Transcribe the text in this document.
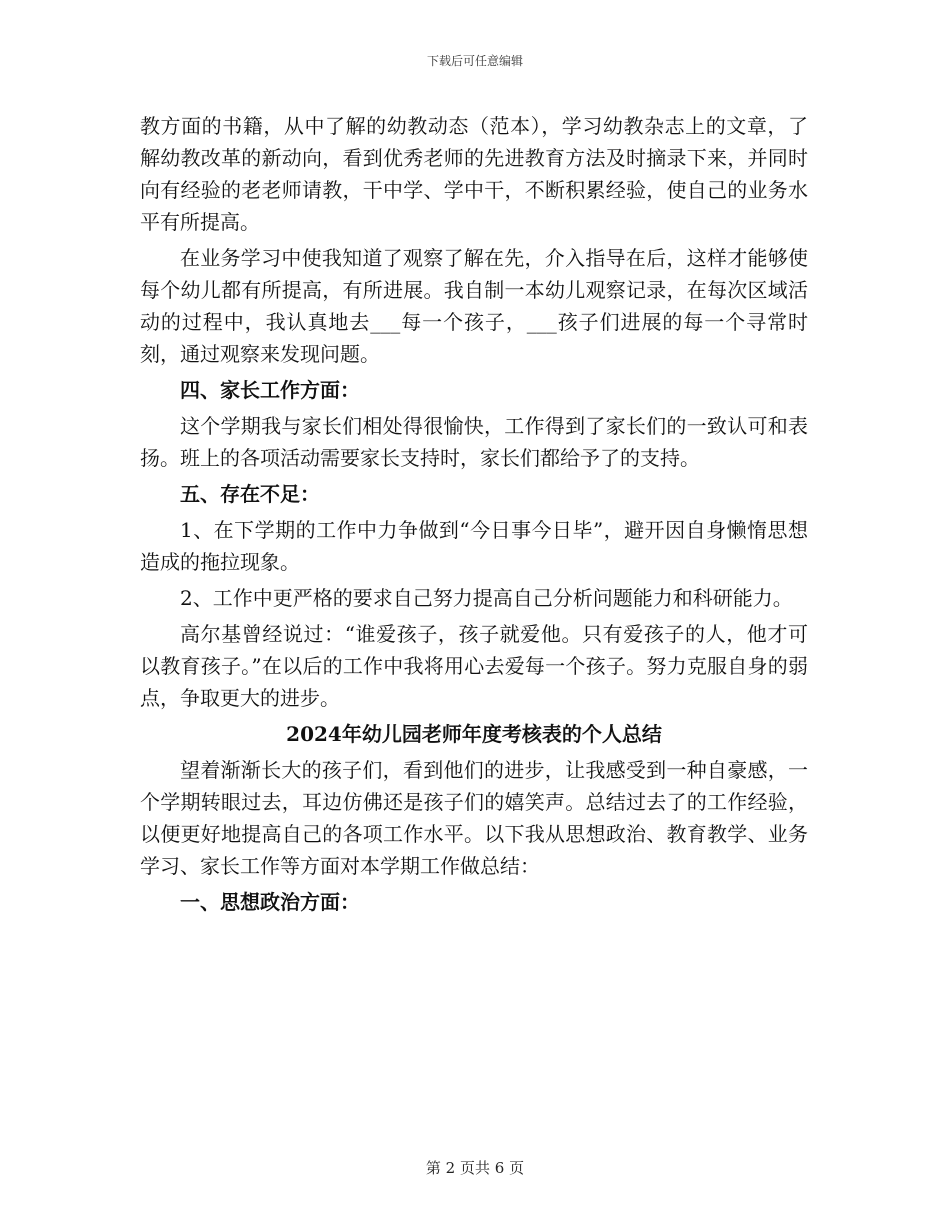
下载后可任意编辑

教方面的书籍，从中了解的幼教动态（范本），学习幼教杂志上的文章，了解幼教改革的新动向，看到优秀老师的先进教育方法及时摘录下来，并同时向有经验的老老师请教，干中学、学中干，不断积累经验，使自己的业务水平有所提高。

在业务学习中使我知道了观察了解在先，介入指导在后，这样才能够使每个幼儿都有所提高，有所进展。我自制一本幼儿观察记录，在每次区域活动的过程中，我认真地去___每一个孩子，___孩子们进展的每一个寻常时刻，通过观察来发现问题。

四、家长工作方面：

这个学期我与家长们相处得很愉快，工作得到了家长们的一致认可和表扬。班上的各项活动需要家长支持时，家长们都给予了的支持。

五、存在不足：

1、在下学期的工作中力争做到“今日事今日毕”，避开因自身懒惰思想造成的拖拉现象。

2、工作中更严格的要求自己努力提高自己分析问题能力和科研能力。

高尔基曾经说过：“谁爱孩子，孩子就爱他。只有爱孩子的人，他才可以教育孩子。”在以后的工作中我将用心去爱每一个孩子。努力克服自身的弱点，争取更大的进步。

2024年幼儿园老师年度考核表的个人总结

望着渐渐长大的孩子们，看到他们的进步，让我感受到一种自豪感，一个学期转眼过去，耳边仿佛还是孩子们的嬉笑声。总结过去了的工作经验，以便更好地提高自己的各项工作水平。以下我从思想政治、教育教学、业务学习、家长工作等方面对本学期工作做总结：

一、思想政治方面：

第 2 页共 6 页
